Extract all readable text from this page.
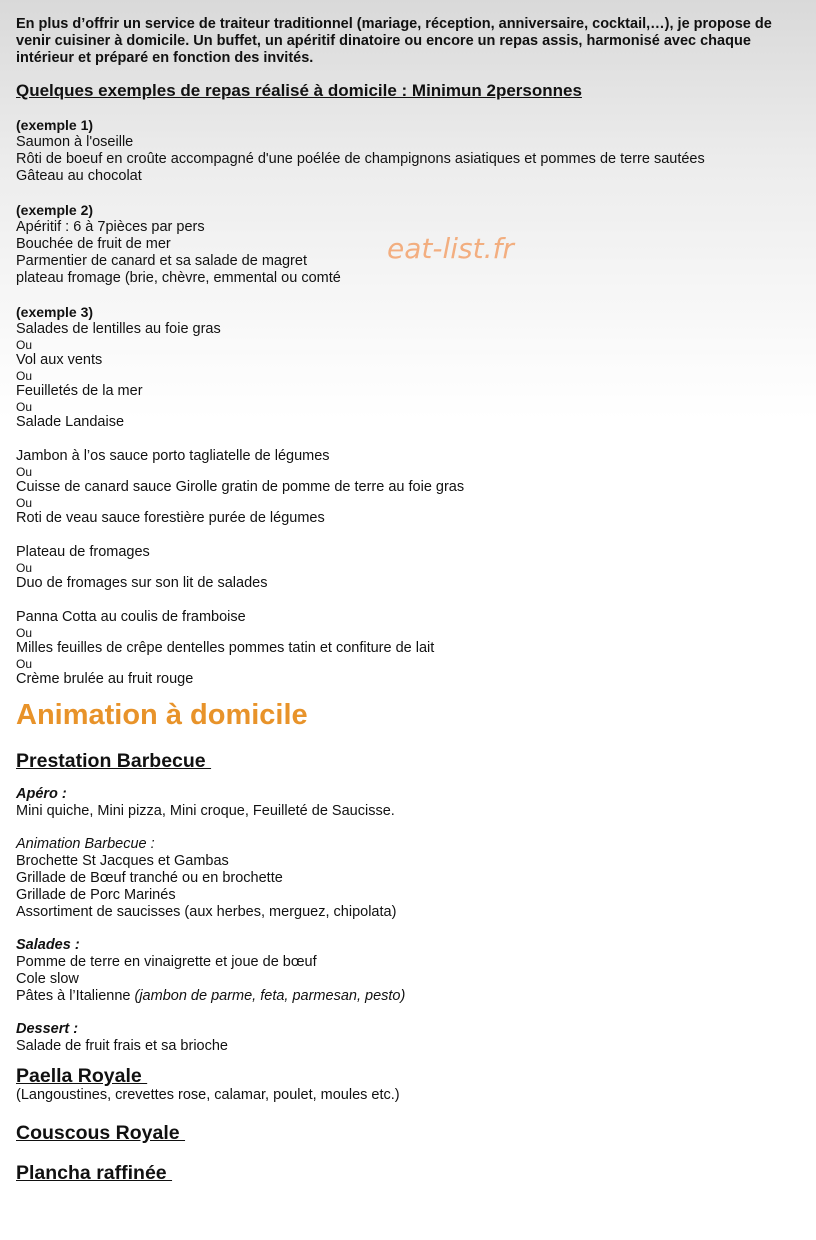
eat-list.fr

En plus d’offrir un service de traiteur traditionnel (mariage, réception, anniversaire, cocktail,…), je propose de venir cuisiner à domicile. Un buffet, un apéritif dinatoire ou encore un repas assis, harmonisé avec chaque intérieur et préparé en fonction des invités.

Quelques exemples de repas réalisé à domicile : Minimun 2personnes
(exemple 1)
Saumon à l'oseille
Rôti de boeuf en croûte accompagné d'une poélée de champignons asiatiques et pommes de terre sautées
Gâteau au chocolat
(exemple 2)
Apéritif : 6 à 7pièces par pers
Bouchée de fruit de mer
Parmentier de canard et sa salade de magret
plateau fromage (brie, chèvre, emmental ou comté
(exemple 3)
Salades de lentilles au foie gras
Ou
Vol aux vents
Ou
Feuilletés de la mer
Ou
Salade Landaise
Jambon à l’os sauce porto tagliatelle de légumes
Ou
Cuisse de canard sauce Girolle gratin de pomme de terre au foie gras
Ou
Roti de veau sauce forestière purée de légumes
Plateau de fromages
Ou
Duo de fromages sur son lit de salades
Panna Cotta au coulis de framboise
Ou
Milles feuilles de crêpe dentelles pommes tatin et confiture de lait
Ou
Crème brulée au fruit rouge
Animation à domicile
Prestation Barbecue
Apéro :
Mini quiche, Mini pizza, Mini croque, Feuilleté de Saucisse.
Animation Barbecue :
Brochette St Jacques et Gambas
Grillade de Bœuf tranché ou en brochette
Grillade de Porc Marinés
Assortiment de saucisses (aux herbes, merguez, chipolata)
Salades :
Pomme de terre en vinaigrette et joue de bœuf
Cole slow
Pâtes à l’Italienne (jambon de parme, feta, parmesan, pesto)
Dessert :
Salade de fruit frais et sa brioche
Paella Royale
(Langoustines, crevettes rose, calamar, poulet, moules etc.)
Couscous Royale
Plancha raffinée
